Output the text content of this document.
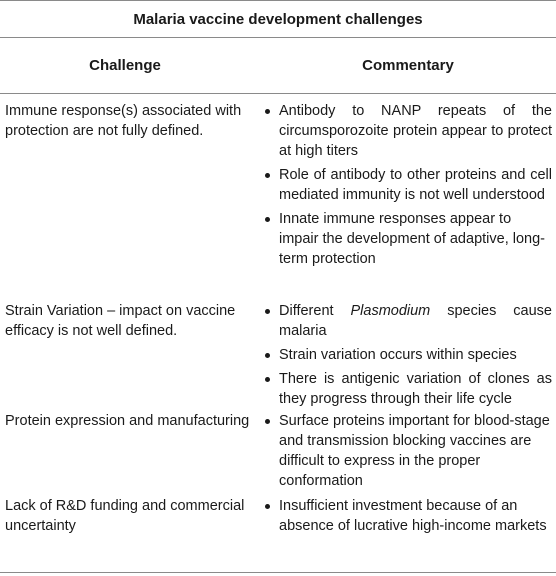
Malaria vaccine development challenges
Challenge	Commentary
Immune response(s) associated with protection are not fully defined.
Antibody to NANP repeats of the circumsporozoite protein appear to protect at high titers
Role of antibody to other proteins and cell mediated immunity is not well understood
Innate immune responses appear to impair the development of adaptive, long-term protection
Strain Variation – impact on vaccine efficacy is not well defined.
Different Plasmodium species cause malaria
Strain variation occurs within species
There is antigenic variation of clones as they progress through their life cycle
Protein expression and manufacturing	Surface proteins important for blood-stage and transmission blocking vaccines are difficult to express in the proper conformation
Lack of R&D funding and commercial uncertainty
Insufficient investment because of an absence of lucrative high-income markets
